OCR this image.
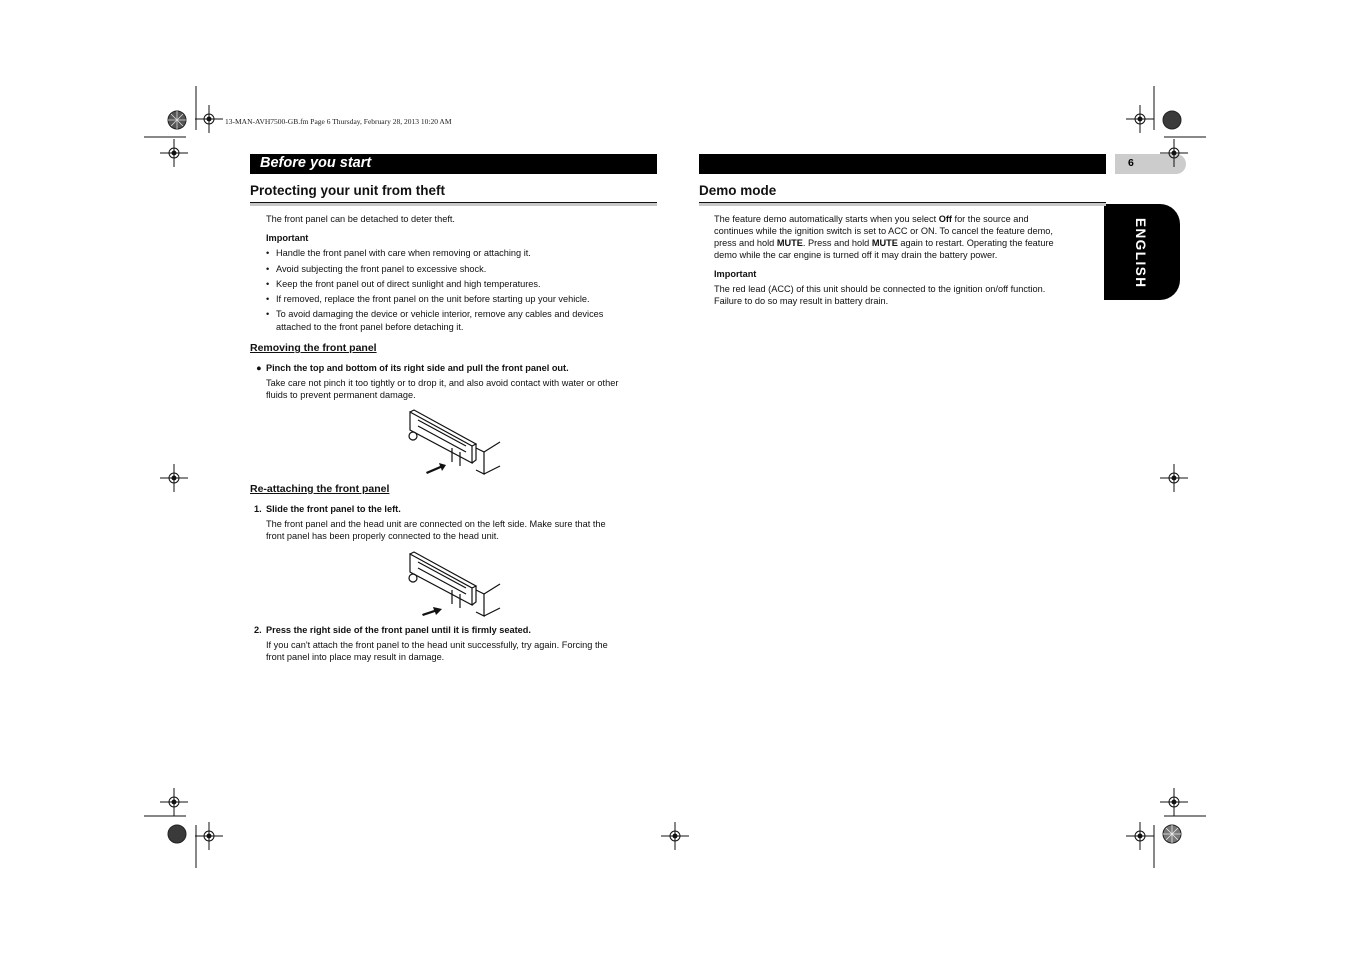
13-MAN-AVH7500-GB.fm Page 6 Thursday, February 28, 2013 10:20 AM
Before you start	6
ENGLISH
Protecting your unit from theft
The front panel can be detached to deter theft.
Important
• Handle the front panel with care when removing or attaching it.
• Avoid subjecting the front panel to excessive shock.
• Keep the front panel out of direct sunlight and high temperatures.
• If removed, replace the front panel on the unit before starting up your vehicle.
• To avoid damaging the device or vehicle interior, remove any cables and devices
attached to the front panel before detaching it.
Removing the front panel
● Pinch the top and bottom of its right side and pull the front panel out.
Take care not pinch it too tightly or to drop it, and also avoid contact with water or other
fluids to prevent permanent damage.
Re-attaching the front panel
1. Slide the front panel to the left.
The front panel and the head unit are connected on the left side. Make sure that the
front panel has been properly connected to the head unit.
2. Press the right side of the front panel until it is firmly seated.
If you can't attach the front panel to the head unit successfully, try again. Forcing the
front panel into place may result in damage.
Demo mode
The feature demo automatically starts when you select Off for the source and
continues while the ignition switch is set to ACC or ON. To cancel the feature demo,
press and hold MUTE. Press and hold MUTE again to restart. Operating the feature
demo while the car engine is turned off it may drain the battery power.
Important
The red lead (ACC) of this unit should be connected to the ignition on/off function.
Failure to do so may result in battery drain.
